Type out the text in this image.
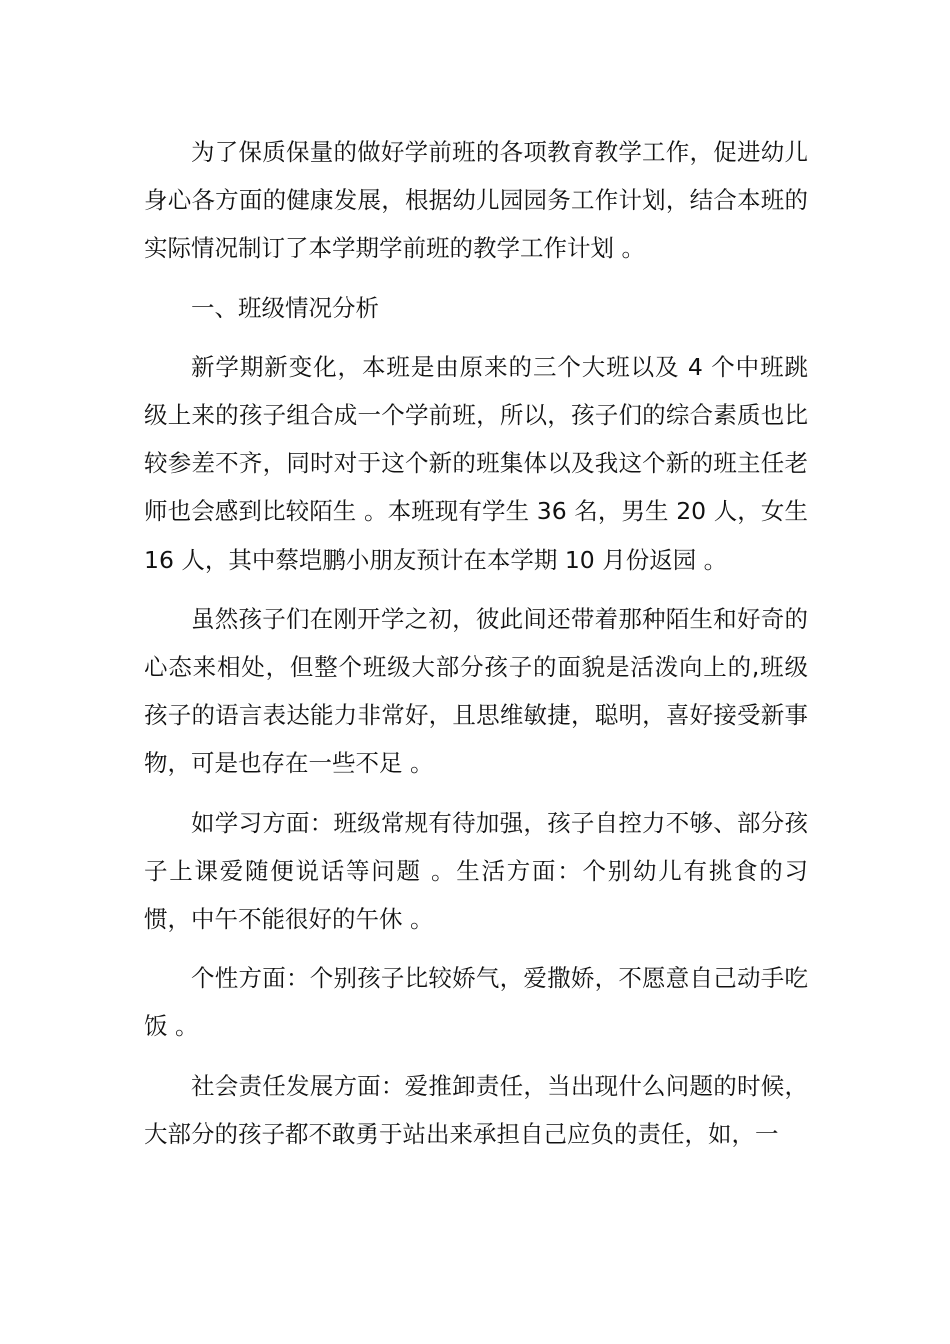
为了保质保量的做好学前班的各项教育教学工作，促进幼儿身心各方面的健康发展，根据幼儿园园务工作计划，结合本班的实际情况制订了本学期学前班的教学工作计划 。

一、班级情况分析

新学期新变化，本班是由原来的三个大班以及 4 个中班跳级上来的孩子组合成一个学前班，所以，孩子们的综合素质也比较参差不齐，同时对于这个新的班集体以及我这个新的班主任老师也会感到比较陌生 。本班现有学生 36 名，男生 20 人，女生 16 人，其中蔡垲鹏小朋友预计在本学期 10 月份返园 。

虽然孩子们在刚开学之初，彼此间还带着那种陌生和好奇的心态来相处，但整个班级大部分孩子的面貌是活泼向上的,班级孩子的语言表达能力非常好，且思维敏捷，聪明，喜好接受新事物，可是也存在一些不足 。

如学习方面：班级常规有待加强，孩子自控力不够、部分孩子上课爱随便说话等问题 。生活方面：个别幼儿有挑食的习惯，中午不能很好的午休 。

个性方面：个别孩子比较娇气，爱撒娇，不愿意自己动手吃饭 。

社会责任发展方面：爱推卸责任，当出现什么问题的时候，大部分的孩子都不敢勇于站出来承担自己应负的责任，如，一
